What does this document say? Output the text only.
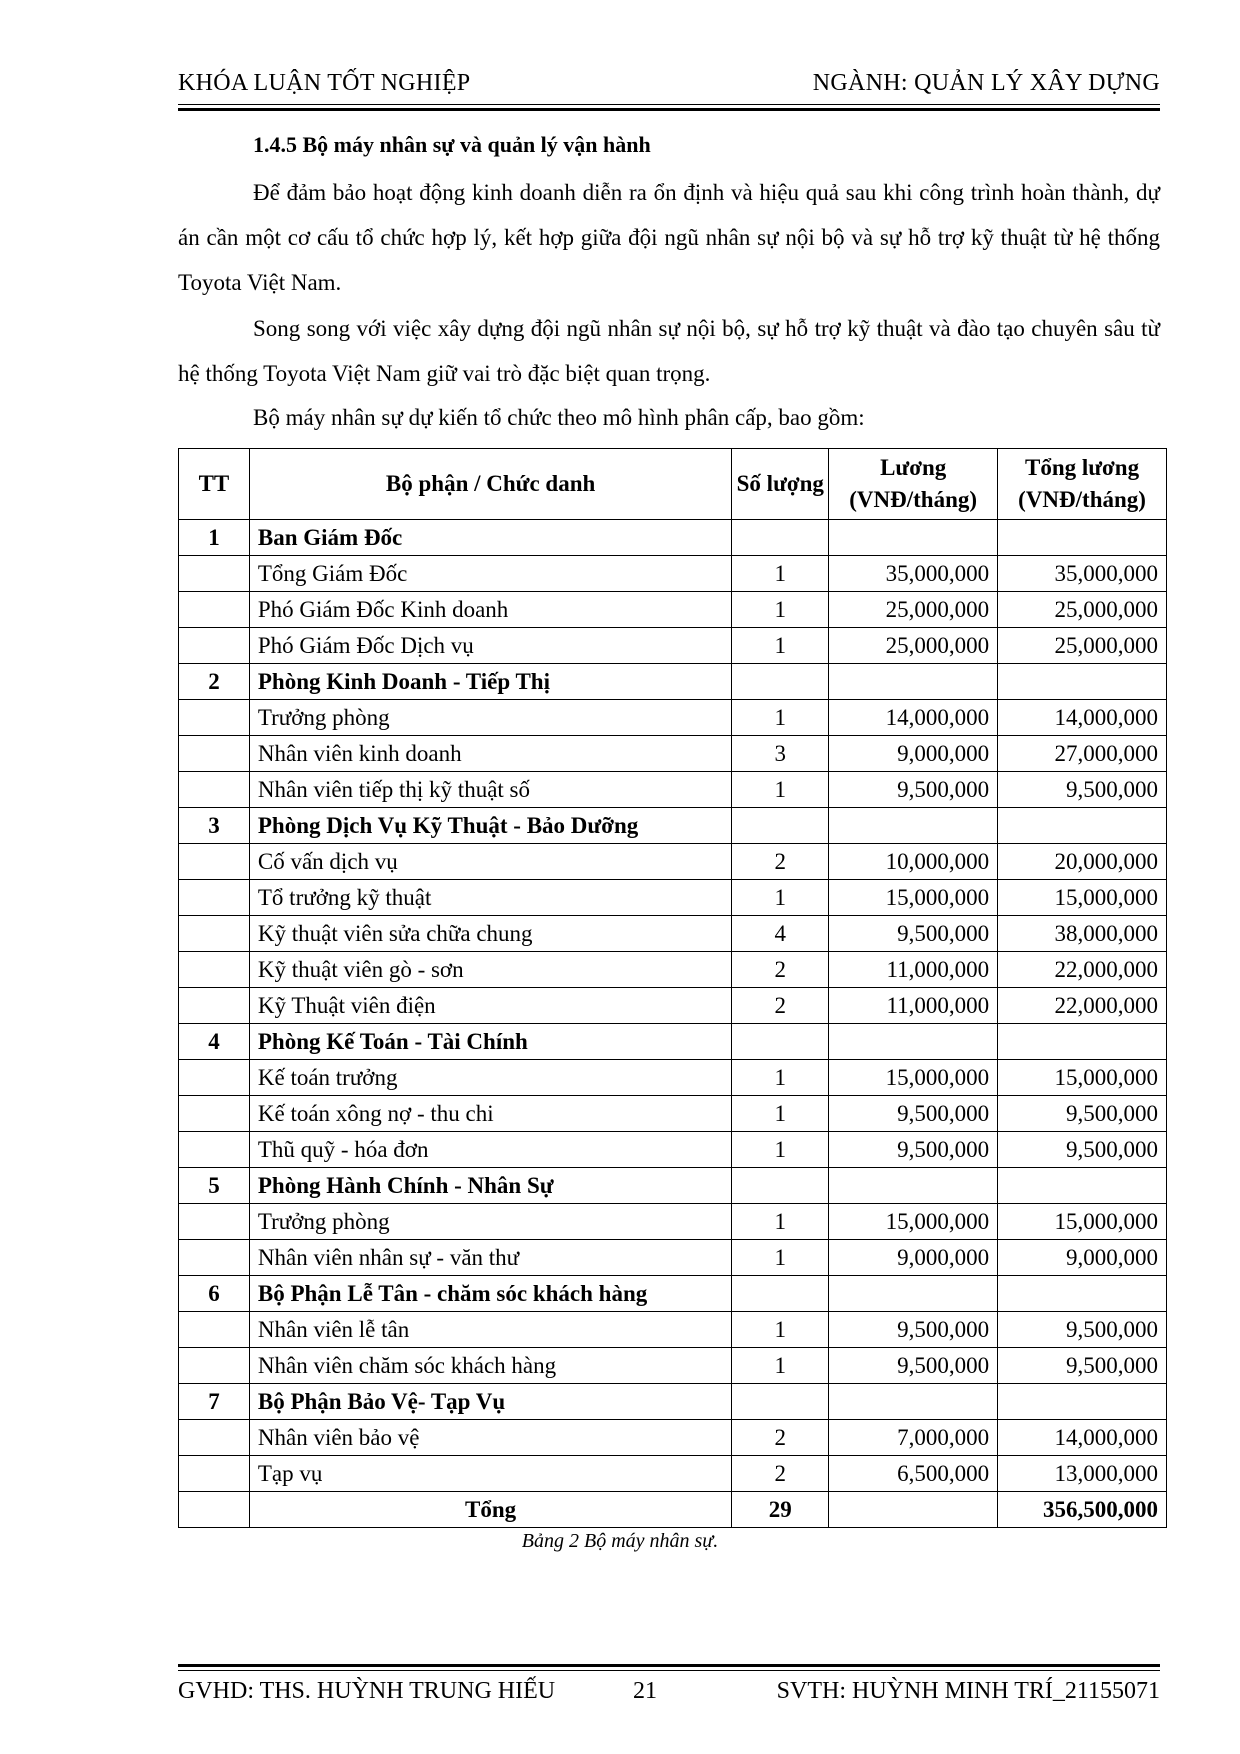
KHÓA LUẬN TỐT NGHIỆP	NGÀNH: QUẢN LÝ XÂY DỰNG
1.4.5 Bộ máy nhân sự và quản lý vận hành

Để đảm bảo hoạt động kinh doanh diễn ra ổn định và hiệu quả sau khi công trình hoàn thành, dự án cần một cơ cấu tổ chức hợp lý, kết hợp giữa đội ngũ nhân sự nội bộ và sự hỗ trợ kỹ thuật từ hệ thống Toyota Việt Nam.

Song song với việc xây dựng đội ngũ nhân sự nội bộ, sự hỗ trợ kỹ thuật và đào tạo chuyên sâu từ hệ thống Toyota Việt Nam giữ vai trò đặc biệt quan trọng.

Bộ máy nhân sự dự kiến tổ chức theo mô hình phân cấp, bao gồm:

TT	Bộ phận / Chức danh	Số lượng	Lương (VNĐ/tháng)	Tổng lương (VNĐ/tháng)
1	Ban Giám Đốc			
	Tổng Giám Đốc	1	35,000,000	35,000,000
	Phó Giám Đốc Kinh doanh	1	25,000,000	25,000,000
	Phó Giám Đốc Dịch vụ	1	25,000,000	25,000,000
2	Phòng Kinh Doanh - Tiếp Thị			
	Trưởng phòng	1	14,000,000	14,000,000
	Nhân viên kinh doanh	3	9,000,000	27,000,000
	Nhân viên tiếp thị kỹ thuật số	1	9,500,000	9,500,000
3	Phòng Dịch Vụ Kỹ Thuật - Bảo Dưỡng			
	Cố vấn dịch vụ	2	10,000,000	20,000,000
	Tổ trưởng kỹ thuật	1	15,000,000	15,000,000
	Kỹ thuật viên sửa chữa chung	4	9,500,000	38,000,000
	Kỹ thuật viên gò - sơn	2	11,000,000	22,000,000
	Kỹ Thuật viên điện	2	11,000,000	22,000,000
4	Phòng Kế Toán - Tài Chính			
	Kế toán trưởng	1	15,000,000	15,000,000
	Kế toán xông nợ - thu chi	1	9,500,000	9,500,000
	Thũ quỹ - hóa đơn	1	9,500,000	9,500,000
5	Phòng Hành Chính - Nhân Sự			
	Trưởng phòng	1	15,000,000	15,000,000
	Nhân viên nhân sự - văn thư	1	9,000,000	9,000,000
6	Bộ Phận Lễ Tân - chăm sóc khách hàng			
	Nhân viên lễ tân	1	9,500,000	9,500,000
	Nhân viên chăm sóc khách hàng	1	9,500,000	9,500,000
7	Bộ Phận Bảo Vệ- Tạp Vụ			
	Nhân viên bảo vệ	2	7,000,000	14,000,000
	Tạp vụ	2	6,500,000	13,000,000
	Tổng	29		356,500,000
Bảng 2 Bộ máy nhân sự.
GVHD: THS. HUỲNH TRUNG HIẾU	21	SVTH: HUỲNH MINH TRÍ_21155071
